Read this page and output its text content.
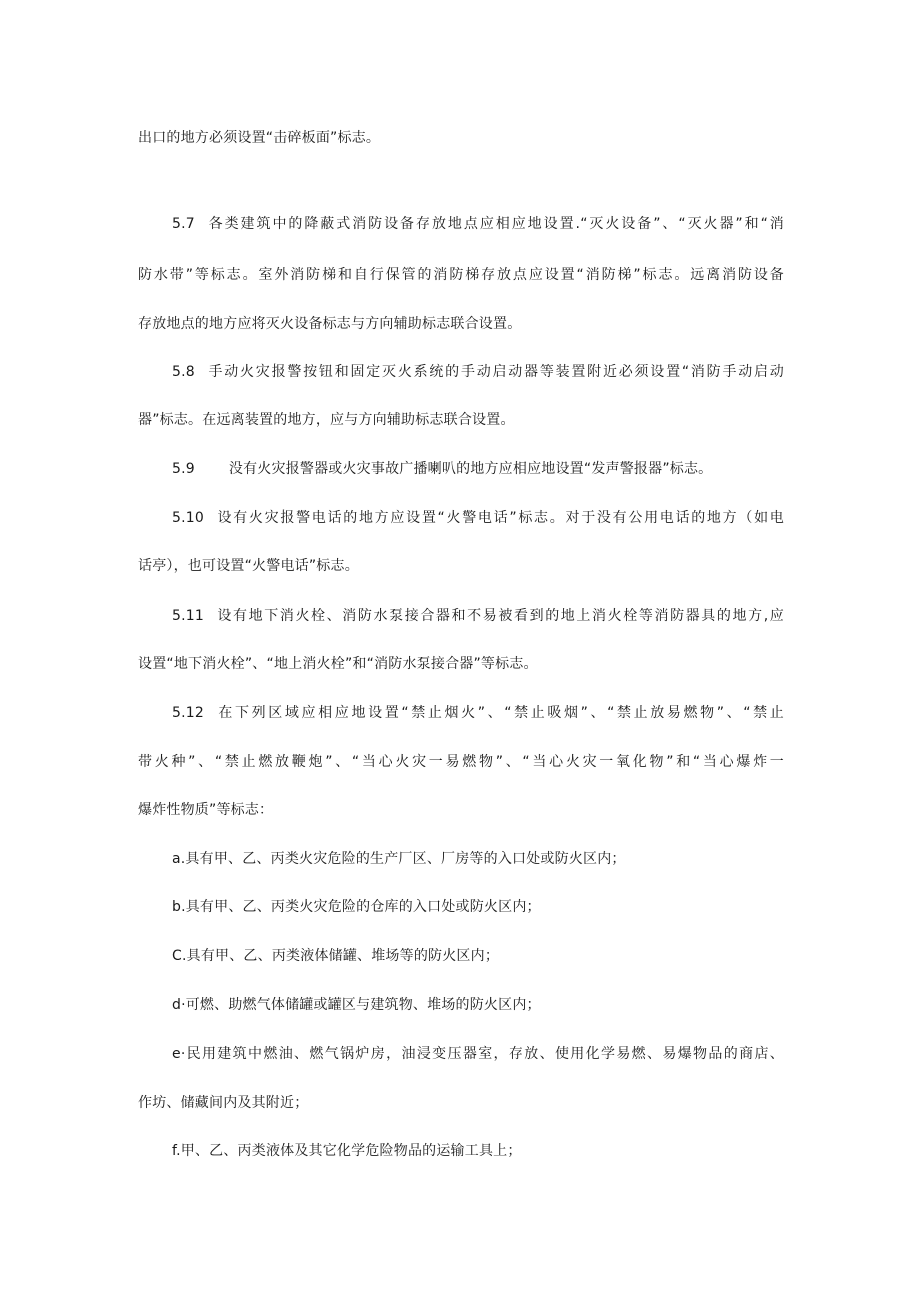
出口的地方必须设置“击碎板面”标志。
5.7 各类建筑中的降蔽式消防设备存放地点应相应地设置.“灭火设备”、“灭火器”和“消
防水带”等标志。室外消防梯和自行保管的消防梯存放点应设置“消防梯”标志。远离消防设备
存放地点的地方应将灭火设备标志与方向辅助标志联合设置。
5.8 手动火灾报警按钮和固定灭火系统的手动启动器等装置附近必须设置“消防手动启动
器”标志。在远离装置的地方，应与方向辅助标志联合设置。
5.9 没有火灾报警器或火灾事故广播喇叭的地方应相应地设置“发声警报器”标志。
5.10 设有火灾报警电话的地方应设置“火警电话”标志。对于没有公用电话的地方（如电
话亭），也可设置“火警电话”标志。
5.11 设有地下消火栓、消防水泵接合器和不易被看到的地上消火栓等消防器具的地方,应
设置“地下消火栓”、“地上消火栓”和“消防水泵接合器”等标志。
5.12 在下列区域应相应地设置“禁止烟火”、“禁止吸烟”、“禁止放易燃物”、“禁止
带火种”、“禁止燃放鞭炮”、“当心火灾一易燃物”、“当心火灾一氧化物”和“当心爆炸一
爆炸性物质”等标志：
a.具有甲、乙、丙类火灾危险的生产厂区、厂房等的入口处或防火区内；
b.具有甲、乙、丙类火灾危险的仓库的入口处或防火区内；
C.具有甲、乙、丙类液体储罐、堆场等的防火区内；
d·可燃、助燃气体储罐或罐区与建筑物、堆场的防火区内；
e·民用建筑中燃油、燃气锅炉房，油浸变压器室，存放、使用化学易燃、易爆物品的商店、
作坊、储藏间内及其附近；
f.甲、乙、丙类液体及其它化学危险物品的运输工具上；
